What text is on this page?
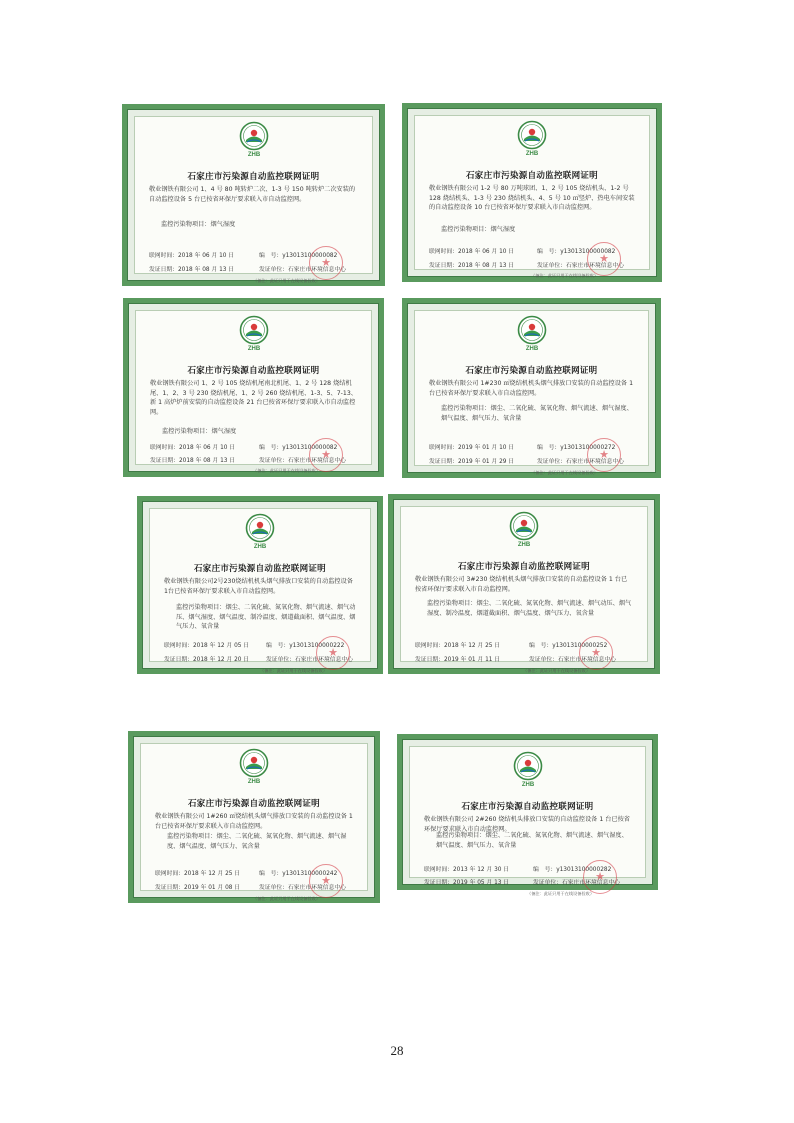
ZHB
石家庄市污染源自动监控联网证明
敬业钢铁有限公司 1、4 号 80 吨转炉二次、1-3 号 150 吨转炉二次安装的自动监控设备 5 台已按省环保厅要求联入市自动监控网。
监控污染物项目：烟气湿度
联网时间：2018 年 06 月 10 日	编　号：y13013100000082
发证日期：2018 年 08 月 13 日	发证单位：石家庄市环境信息中心
★
（备注：此证只用于在线设备验收）
ZHB
石家庄市污染源自动监控联网证明
敬业钢铁有限公司 1-2 号 80 万吨球团、1、2 号 105 烧结机头、1-2 号 128 烧结机头、1-3 号 230 烧结机头、4、5 号 10 ㎡竖炉、热电车间安装的自动监控设备 10 台已按省环保厅要求联入市自动监控网。
监控污染物项目：烟气湿度
联网时间：2018 年 06 月 10 日	编　号：y13013100000082
发证日期：2018 年 08 月 13 日	发证单位：石家庄市环境信息中心
★
（备注：此证只用于在线设备验收）
ZHB
石家庄市污染源自动监控联网证明
敬业钢铁有限公司 1、2 号 105 烧结机尾南北机尾、1、2 号 128 烧结机尾、1、2、3 号 230 烧结机尾、1、2 号 260 烧结机尾、1-3、5、7-13、新 1 高炉炉前安装的自动监控设备 21 台已按省环保厅要求联入市自动监控网。
监控污染物项目：烟气湿度
联网时间：2018 年 06 月 10 日	编　号：y13013100000082
发证日期：2018 年 08 月 13 日	发证单位：石家庄市环境信息中心
★
（备注：此证只用于在线设备验收）
ZHB
石家庄市污染源自动监控联网证明
敬业钢铁有限公司 1#230 ㎡烧结机机头烟气排放口安装的自动监控设备 1 台已按省环保厅要求联入市自动监控网。
监控污染物项目：烟尘、二氧化硫、氮氧化物、烟气流速、烟气湿度、烟气温度、烟气压力、氧含量
联网时间：2019 年 01 月 10 日	编　号：y13013100000272
发证日期：2019 年 01 月 29 日	发证单位：石家庄市环境信息中心
★
（备注：此证只用于在线设备验收）
ZHB
石家庄市污染源自动监控联网证明
敬业钢铁有限公司2号230烧结机机头烟气排放口安装的自动监控设备1台已按省环保厅要求联入市自动监控网。
监控污染物项目：烟尘、二氧化硫、氮氧化物、烟气流速、烟气动压、烟气湿度、烟气温度、制冷温度、烟道截面积、烟气温度、烟气压力、氧含量
联网时间：2018 年 12 月 05 日	编　号：y13013100000222
发证日期：2018 年 12 月 20 日	发证单位：石家庄市环境信息中心
★
（备注：此证只用于在线设备验收）
ZHB
石家庄市污染源自动监控联网证明
敬业钢铁有限公司 3#230 烧结机机头烟气排放口安装的自动监控设备 1 台已按省环保厅要求联入市自动监控网。
监控污染物项目：烟尘、二氧化硫、氮氧化物、烟气流速、烟气动压、烟气湿度、制冷温度、烟道截面积、烟气温度、烟气压力、氧含量
联网时间：2018 年 12 月 25 日	编　号：y13013100000252
发证日期：2019 年 01 月 11 日	发证单位：石家庄市环境信息中心
★
（备注：此证只用于在线设备验收）
ZHB
石家庄市污染源自动监控联网证明
敬业钢铁有限公司 1#260 ㎡烧结机头烟气排放口安装的自动监控设备 1 台已按省环保厅要求联入市自动监控网。
监控污染物项目：烟尘、二氧化硫、氮氧化物、烟气流速、烟气湿度、烟气温度、烟气压力、氧含量
联网时间：2018 年 12 月 25 日	编　号：y13013100000242
发证日期：2019 年 01 月 08 日	发证单位：石家庄市环境信息中心
★
（备注：此证只用于在线设备验收）
ZHB
石家庄市污染源自动监控联网证明
敬业钢铁有限公司 2#260 烧结机头排放口安装的自动监控设备 1 台已按省环保厅要求联入市自动监控网。
监控污染物项目：烟尘、二氧化硫、氮氧化物、烟气流速、烟气湿度、烟气温度、烟气压力、氧含量
联网时间：2013 年 12 月 30 日	编　号：y13013100000282
发证日期：2019 年 05 月 13 日	发证单位：石家庄市环境信息中心
★
（备注：此证只用于在线设备验收）
28
